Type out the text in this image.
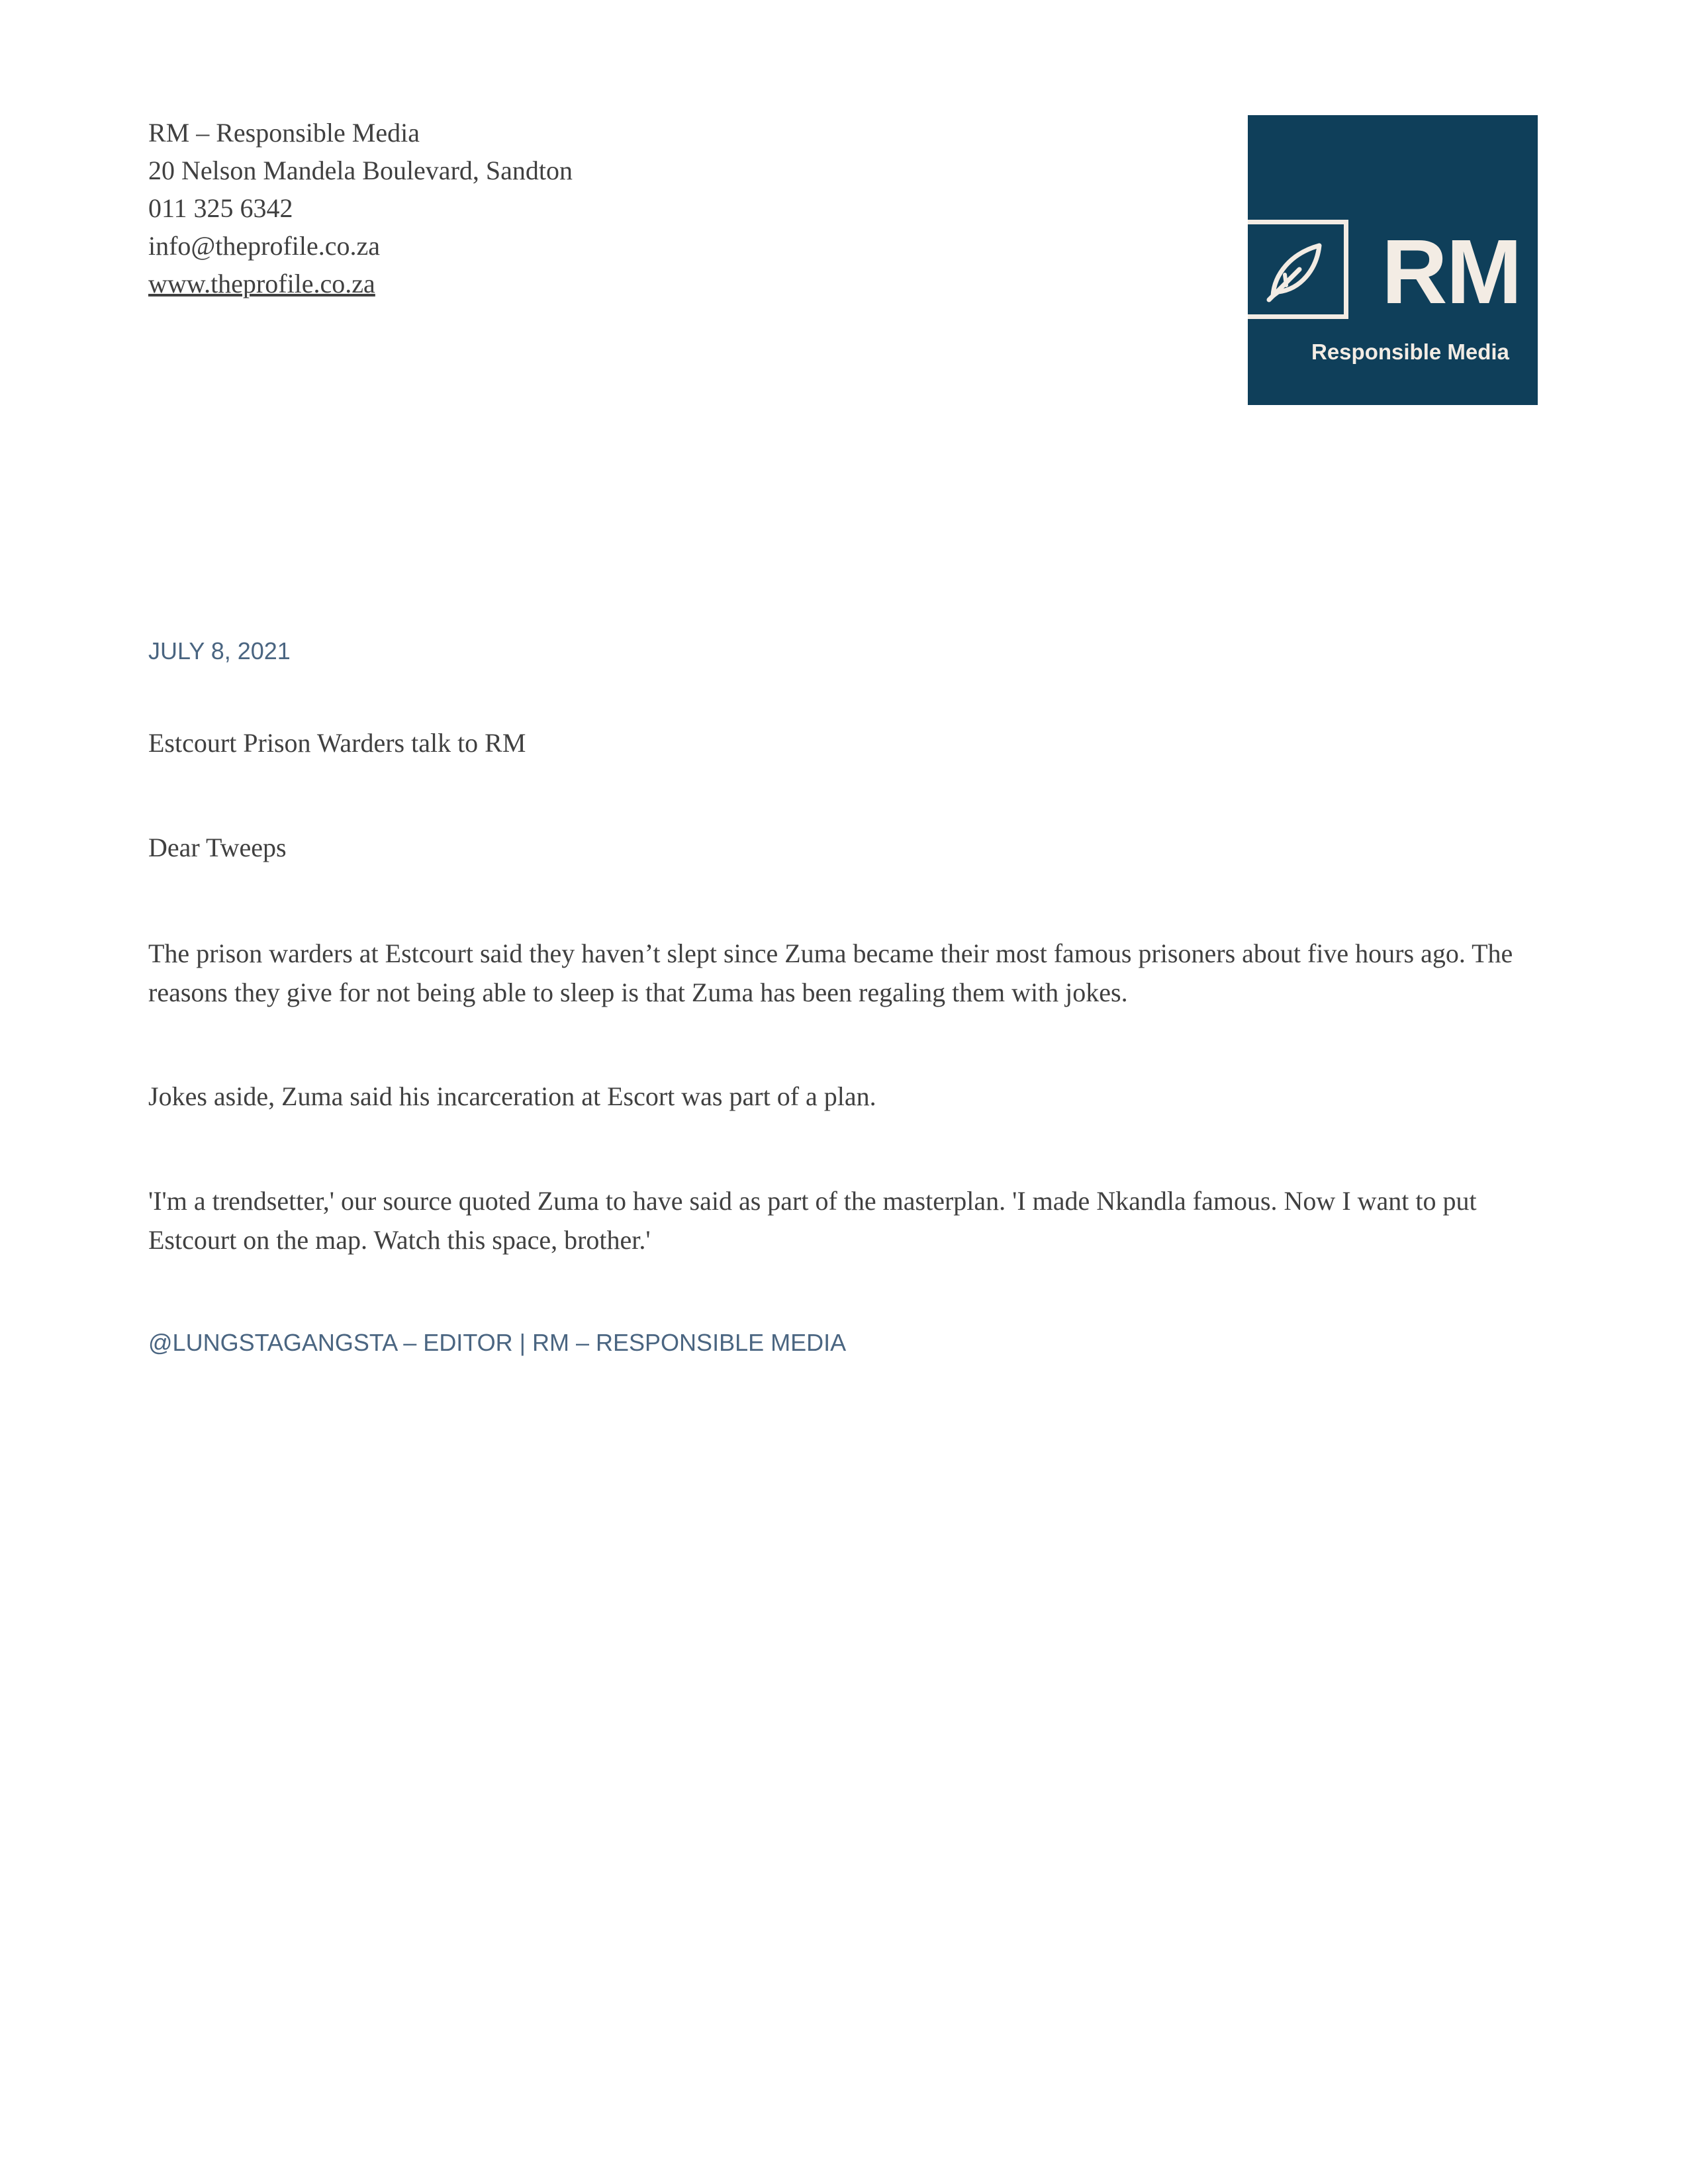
RM – Responsible Media
20 Nelson Mandela Boulevard, Sandton
011 325 6342
info@theprofile.co.za
www.theprofile.co.za	RM
Responsible Media
JULY 8, 2021
Estcourt Prison Warders talk to RM
Dear Tweeps
The prison warders at Estcourt said they haven’t slept since Zuma became their most famous prisoners about five hours ago. The reasons they give for not being able to sleep is that Zuma has been regaling them with jokes.
Jokes aside, Zuma said his incarceration at Escort was part of a plan.
'I'm a trendsetter,' our source quoted Zuma to have said as part of the masterplan. 'I made Nkandla famous. Now I want to put Estcourt on the map. Watch this space, brother.'
@LUNGSTAGANGSTA – EDITOR | RM – RESPONSIBLE MEDIA
